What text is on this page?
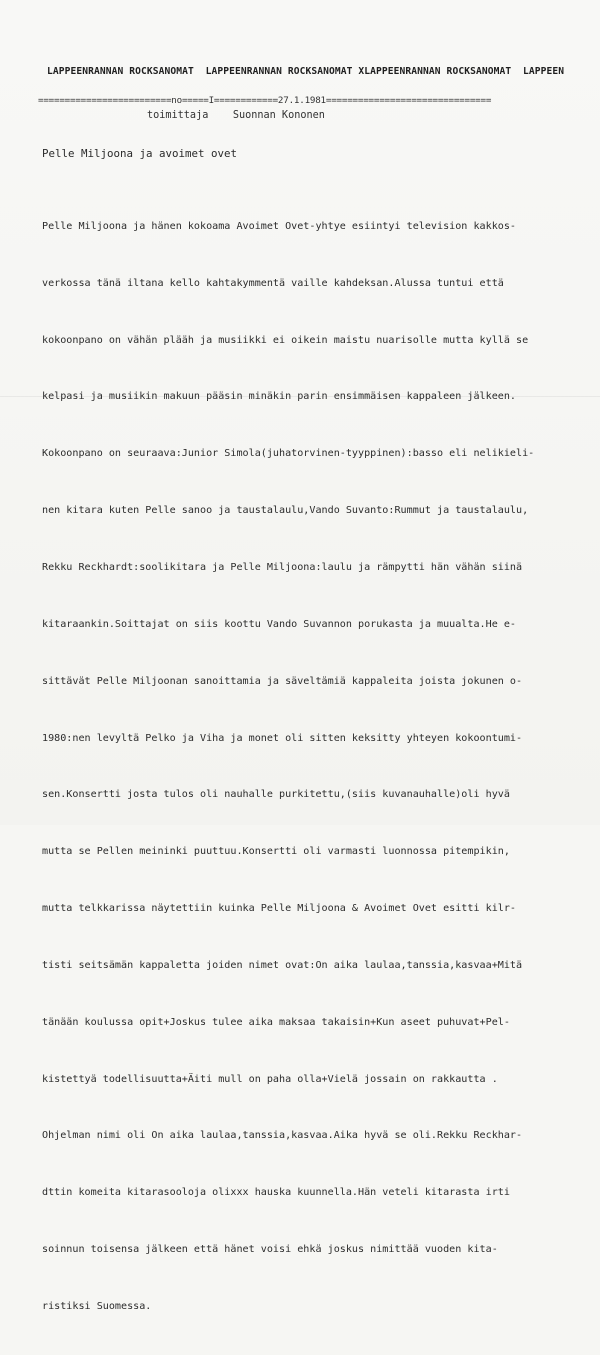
LAPPEENRANNAN ROCKSANOMAT  LAPPEENRANNAN ROCKSANOMAT XLAPPEENRANNAN ROCKSANOMAT  LAPPEEN
=========================no=====I============27.1.1981===============================
toimittaja    Suonnan Kononen
Pelle Miljoona ja avoimet ovet

Pelle Miljoona ja hänen kokoama Avoimet Ovet-yhtye esiintyi television kakkos-

verkossa tänä iltana kello kahtakymmentä vaille kahdeksan.Alussa tuntui että

kokoonpano on vähän plääh ja musiikki ei oikein maistu nuarisolle mutta kyllä se

kelpasi ja musiikin makuun pääsin minäkin parin ensimmäisen kappaleen jälkeen.

Kokoonpano on seuraava:Junior Simola(juhatorvinen-tyyppinen):basso eli nelikieli-

nen kitara kuten Pelle sanoo ja taustalaulu,Vando Suvanto:Rummut ja taustalaulu,

Rekku Reckhardt:soolikitara ja Pelle Miljoona:laulu ja rämpytti hän vähän siinä

kitaraankin.Soittajat on siis koottu Vando Suvannon porukasta ja muualta.He e-

sittävät Pelle Miljoonan sanoittamia ja säveltämiä kappaleita joista jokunen o-

1980:nen levyltä Pelko ja Viha ja monet oli sitten keksitty yhteyen kokoontumi-

sen.Konsertti josta tulos oli nauhalle purkitettu,(siis kuvanauhalle)oli hyvä

mutta se Pellen meininki puuttuu.Konsertti oli varmasti luonnossa pitempikin,

mutta telkkarissa näytettiin kuinka Pelle Miljoona & Avoimet Ovet esitti kilr-

tisti seitsämän kappaletta joiden nimet ovat:On aika laulaa,tanssia,kasvaa+Mitä

tänään koulussa opit+Joskus tulee aika maksaa takaisin+Kun aseet puhuvat+Pel-

kistettyä todellisuutta+Äiti mull on paha olla+Vielä jossain on rakkautta .

Ohjelman nimi oli On aika laulaa,tanssia,kasvaa.Aika hyvä se oli.Rekku Reckhar-

dttin komeita kitarasooloja olixxx hauska kuunnella.Hän veteli kitarasta irti

soinnun toisensa jälkeen että hänet voisi ehkä joskus nimittää vuoden kita-

ristiksi Suomessa.
